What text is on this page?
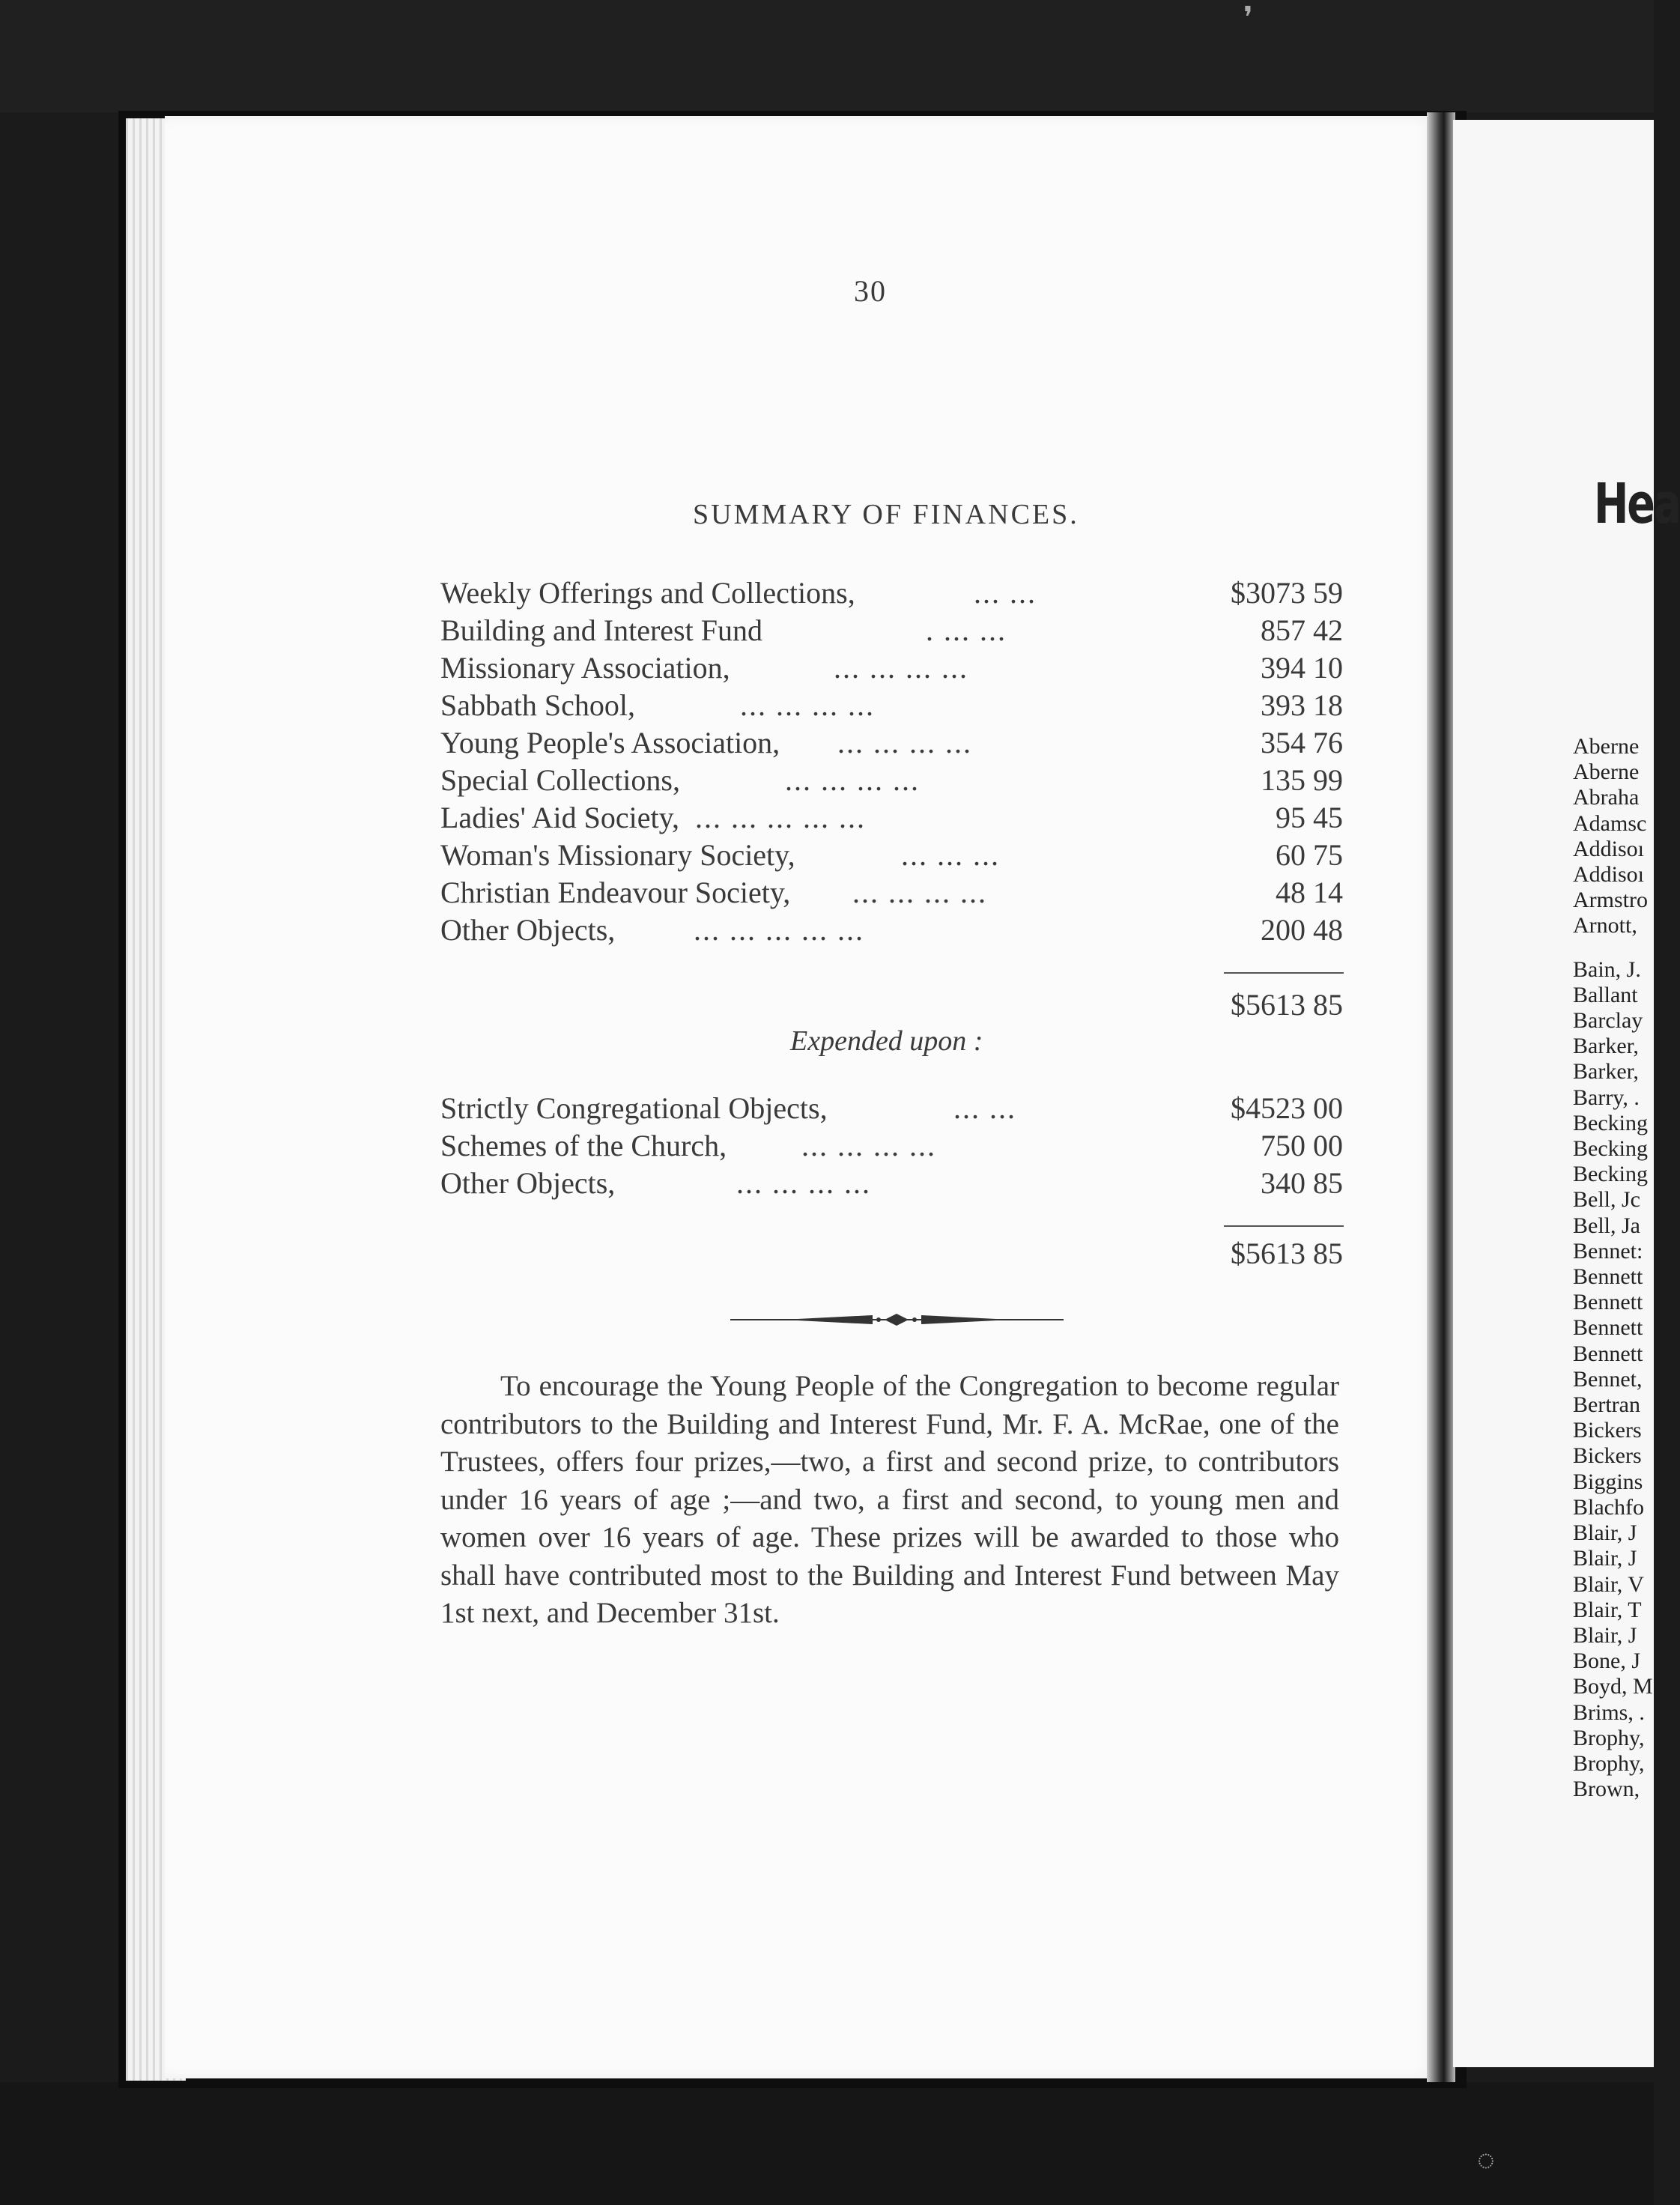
30
SUMMARY OF FINANCES.
Weekly Offerings and Collections,	... ...	$3073 59
Building and Interest Fund	. ... ...	857 42
Missionary Association,	... ... ... ...	394 10
Sabbath School,	... ... ... ...	393 18
Young People's Association, ... ... ... ...	354 76
Special Collections,	... ... ... ...	135 99
Ladies' Aid Society, ... ... ... ... ...	95 45
Woman's Missionary Society,	... ... ...	60 75
Christian Endeavour Society, ... ... ... ...	48 14
Other Objects,	... ... ... ... ...	200 48
$5613 85
Expended upon :
Strictly Congregational Objects,	... ...	$4523 00
Schemes of the Church, ... ... ... ...	750 00
Other Objects,	... ... ... ...	340 85
$5613 85

To encourage the Young People of the Congregation to become regular contributors to the Building and Interest Fund, Mr. F. A. McRae, one of the Trustees, offers four prizes,—two, a first and second prize, to contributors under 16 years of age ;—and two, a first and second, to young men and women over 16 years of age. These prizes will be awarded to those who shall have contributed most to the Building and Interest Fund between May 1st next, and December 31st.

Hea
Aberne
Aberne
Abraha
Adamsc
Addisoı
Addisoı
Armstro
Arnott,
Bain, J.
Ballant
Barclay
Barker,
Barker,
Barry, .
Becking
Becking
Becking
Bell, Jc
Bell, Ja
Bennet:
Bennett
Bennett
Bennett
Bennett
Bennet,
Bertran
Bickers
Bickers
Biggins
Blachfo
Blair, J
Blair, J
Blair, V
Blair, T
Blair, J
Bone, J
Boyd, M
Brims, .
Brophy,
Brophy,
Brown,
❜
◌
